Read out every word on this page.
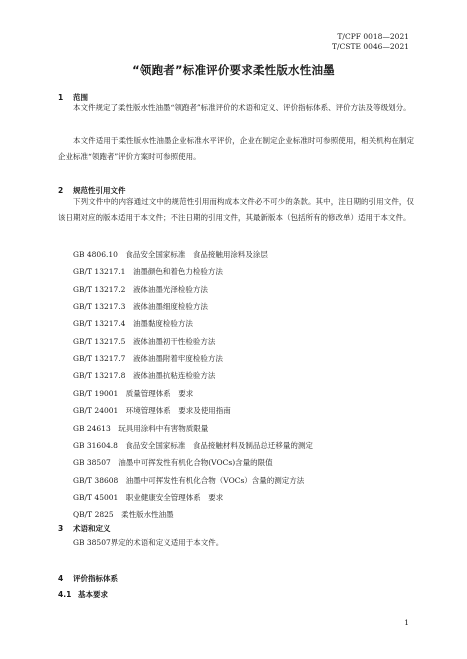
T/CPF 0018—2021
T/CSTE 0046—2021
“领跑者”标准评价要求柔性版水性油墨
1 范围
本文件规定了柔性版水性油墨“领跑者”标准评价的术语和定义、评价指标体系、评价方法及等级划分。
本文件适用于柔性版水性油墨企业标准水平评价，企业在制定企业标准时可参照使用，相关机构在制定企业标准“领跑者”评价方案时可参照使用。
2 规范性引用文件
下列文件中的内容通过文中的规范性引用而构成本文件必不可少的条款。其中，注日期的引用文件，仅该日期对应的版本适用于本文件；不注日期的引用文件，其最新版本（包括所有的修改单）适用于本文件。
GB 4806.10　 食品安全国家标准　食品接触用涂料及涂层
GB/T 13217.1　 油墨颜色和着色力检验方法
GB/T 13217.2　 液体油墨光泽检验方法
GB/T 13217.3　 液体油墨细度检验方法
GB/T 13217.4　 油墨黏度检验方法
GB/T 13217.5　 液体油墨初干性检验方法
GB/T 13217.7　 液体油墨附着牢度检验方法
GB/T 13217.8　 液体油墨抗粘连检验方法
GB/T 19001　 质量管理体系　要求
GB/T 24001　 环境管理体系　要求及使用指南
GB 24613　 玩具用涂料中有害物质限量
GB 31604.8　 食品安全国家标准　食品接触材料及制品总迁移量的测定
GB 38507　 油墨中可挥发性有机化合物(VOCs)含量的限值
GB/T 38608　 油墨中可挥发性有机化合物（VOCs）含量的测定方法
GB/T 45001　 职业健康安全管理体系　要求
QB/T 2825　 柔性版水性油墨
3 术语和定义
GB 38507界定的术语和定义适用于本文件。
4 评价指标体系
4.1 基本要求
1
